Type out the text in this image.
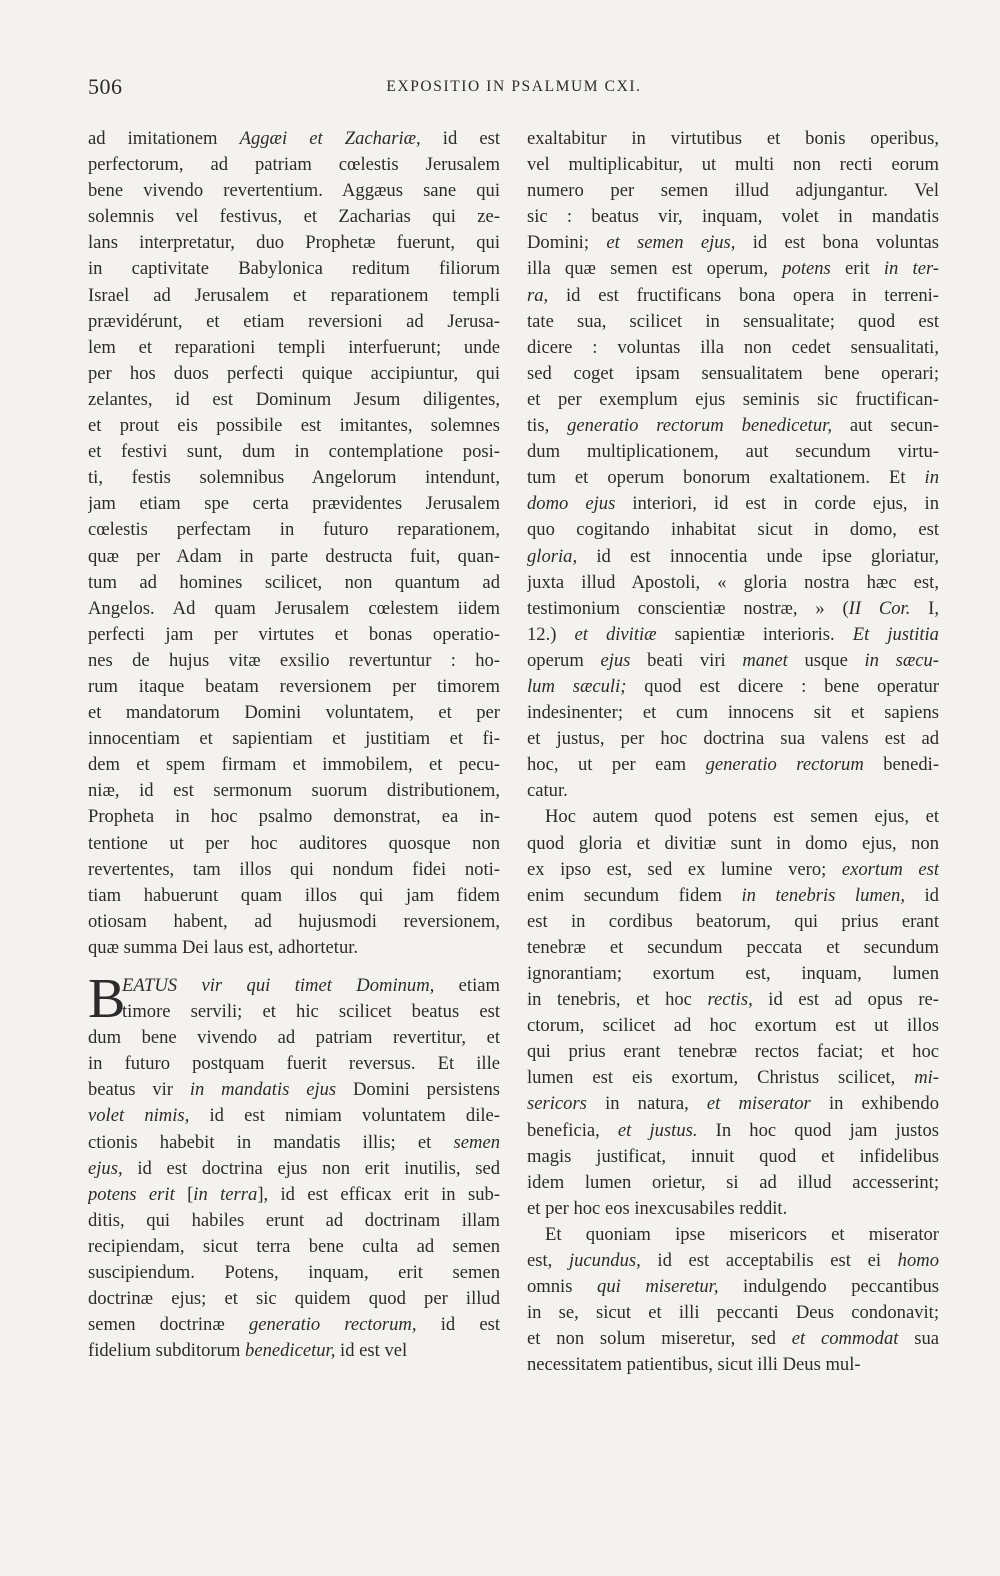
506	EXPOSITIO IN PSALMUM CXI.
ad imitationem Aggæi et Zachariæ, id est
perfectorum, ad patriam cœlestis Jerusalem
bene vivendo revertentium. Aggæus sane qui
solemnis vel festivus, et Zacharias qui ze-
lans interpretatur, duo Prophetæ fuerunt, qui
in captivitate Babylonica reditum filiorum
Israel ad Jerusalem et reparationem templi
prævidérunt, et etiam reversioni ad Jerusa-
lem et reparationi templi interfuerunt; unde
per hos duos perfecti quique accipiuntur, qui
zelantes, id est Dominum Jesum diligentes,
et prout eis possibile est imitantes, solemnes
et festivi sunt, dum in contemplatione posi-
ti, festis solemnibus Angelorum intendunt,
jam etiam spe certa prævidentes Jerusalem
cœlestis perfectam in futuro reparationem,
quæ per Adam in parte destructa fuit, quan-
tum ad homines scilicet, non quantum ad
Angelos. Ad quam Jerusalem cœlestem iidem
perfecti jam per virtutes et bonas operatio-
nes de hujus vitæ exsilio revertuntur : ho-
rum itaque beatam reversionem per timorem
et mandatorum Domini voluntatem, et per
innocentiam et sapientiam et justitiam et fi-
dem et spem firmam et immobilem, et pecu-
niæ, id est sermonum suorum distributionem,
Propheta in hoc psalmo demonstrat, ea in-
tentione ut per hoc auditores quosque non
revertentes, tam illos qui nondum fidei noti-
tiam habuerunt quam illos qui jam fidem
otiosam habent, ad hujusmodi reversionem,
quæ summa Dei laus est, adhortetur.
B
EATUS vir qui timet Dominum, etiam
timore servili; et hic scilicet beatus est
dum bene vivendo ad patriam revertitur, et
in futuro postquam fuerit reversus. Et ille
beatus vir in mandatis ejus Domini persistens
volet nimis, id est nimiam voluntatem dile-
ctionis habebit in mandatis illis; et semen
ejus, id est doctrina ejus non erit inutilis, sed
potens erit [in terra], id est efficax erit in sub-
ditis, qui habiles erunt ad doctrinam illam
recipiendam, sicut terra bene culta ad semen
suscipiendum. Potens, inquam, erit semen
doctrinæ ejus; et sic quidem quod per illud
semen doctrinæ generatio rectorum, id est
fidelium subditorum benedicetur, id est vel
exaltabitur in virtutibus et bonis operibus,
vel multiplicabitur, ut multi non recti eorum
numero per semen illud adjungantur. Vel
sic : beatus vir, inquam, volet in mandatis
Domini; et semen ejus, id est bona voluntas
illa quæ semen est operum, potens erit in ter-
ra, id est fructificans bona opera in terreni-
tate sua, scilicet in sensualitate; quod est
dicere : voluntas illa non cedet sensualitati,
sed coget ipsam sensualitatem bene operari;
et per exemplum ejus seminis sic fructifican-
tis, generatio rectorum benedicetur, aut secun-
dum multiplicationem, aut secundum virtu-
tum et operum bonorum exaltationem. Et in
domo ejus interiori, id est in corde ejus, in
quo cogitando inhabitat sicut in domo, est
gloria, id est innocentia unde ipse gloriatur,
juxta illud Apostoli, « gloria nostra hæc est,
testimonium conscientiæ nostræ, » (II Cor. I,
12.) et divitiæ sapientiæ interioris. Et justitia
operum ejus beati viri manet usque in sæcu-
lum sæculi; quod est dicere : bene operatur
indesinenter; et cum innocens sit et sapiens
et justus, per hoc doctrina sua valens est ad
hoc, ut per eam generatio rectorum benedi-
catur.
Hoc autem quod potens est semen ejus, et
quod gloria et divitiæ sunt in domo ejus, non
ex ipso est, sed ex lumine vero; exortum est
enim secundum fidem in tenebris lumen, id
est in cordibus beatorum, qui prius erant
tenebræ et secundum peccata et secundum
ignorantiam; exortum est, inquam, lumen
in tenebris, et hoc rectis, id est ad opus re-
ctorum, scilicet ad hoc exortum est ut illos
qui prius erant tenebræ rectos faciat; et hoc
lumen est eis exortum, Christus scilicet, mi-
sericors in natura, et miserator in exhibendo
beneficia, et justus. In hoc quod jam justos
magis justificat, innuit quod et infidelibus
idem lumen orietur, si ad illud accesserint;
et per hoc eos inexcusabiles reddit.
Et quoniam ipse misericors et miserator
est, jucundus, id est acceptabilis est ei homo
omnis qui miseretur, indulgendo peccantibus
in se, sicut et illi peccanti Deus condonavit;
et non solum miseretur, sed et commodat sua
necessitatem patientibus, sicut illi Deus mul-
